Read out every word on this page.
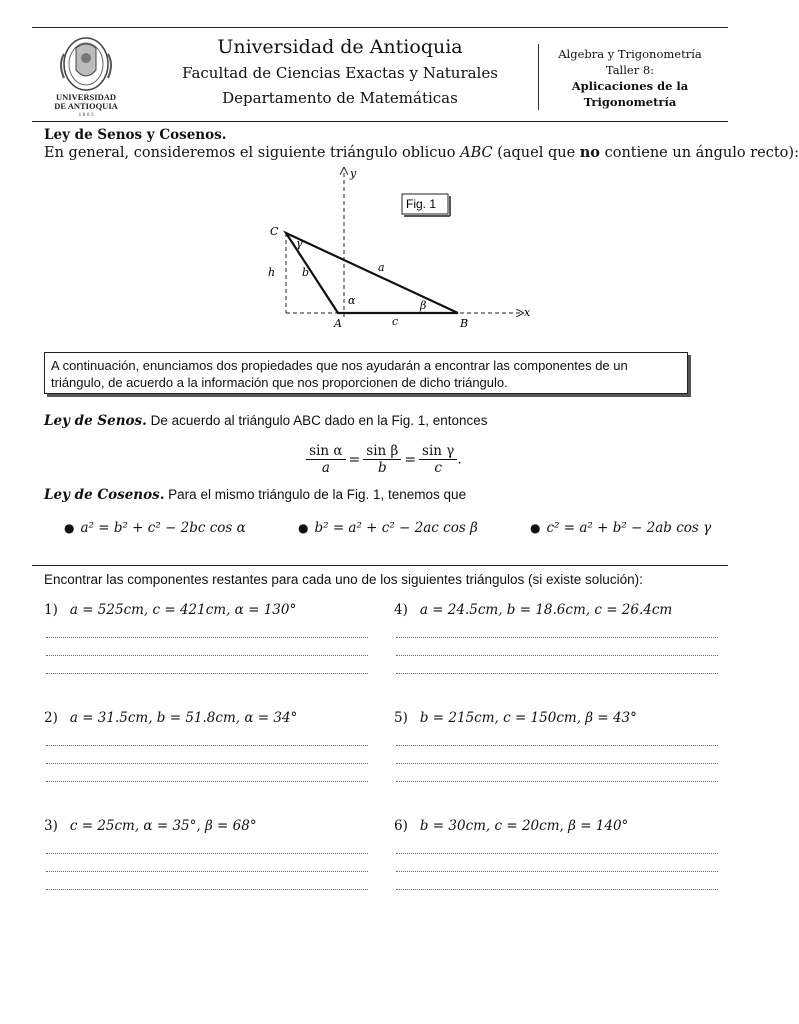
UNIVERSIDAD
DE ANTIOQUIA
1 8 0 3
Universidad de Antioquia
Facultad de Ciencias Exactas y Naturales
Departamento de Matemáticas
Algebra y Trigonometría
Taller 8:
Aplicaciones de la
Trigonometría
Ley de Senos y Cosenos.
En general, consideremos el siguiente triángulo oblicuo ABC (aquel que no contiene un ángulo recto):
Fig. 1
y
x
C
A	B
a
b
c
h
α	β
γ
A continuación, enunciamos dos propiedades que nos ayudarán a encontrar las componentes de un triángulo, de acuerdo a la información que nos proporcionen de dicho triángulo.
Ley de Senos. De acuerdo al triángulo ABC dado en la Fig. 1, entonces
$\frac{\text{sin α}}{a} = \frac{\text{sin β}}{b} = \frac{\text{sin γ}}{c}$ .
Ley de Cosenos. Para el mismo triángulo de la Fig. 1, tenemos que
● a² = b² + c² − 2bc cos α	● b² = a² + c² − 2ac cos β	● c² = a² + b² − 2ab cos γ
Encontrar las componentes restantes para cada uno de los siguientes triángulos (si existe solución):
1) a = 525cm, c = 421cm, α = 130°	4) a = 24.5cm, b = 18.6cm, c = 26.4cm
2) a = 31.5cm, b = 51.8cm, α = 34°	5) b = 215cm, c = 150cm, β = 43°
3) c = 25cm, α = 35°, β = 68°	6) b = 30cm, c = 20cm, β = 140°
